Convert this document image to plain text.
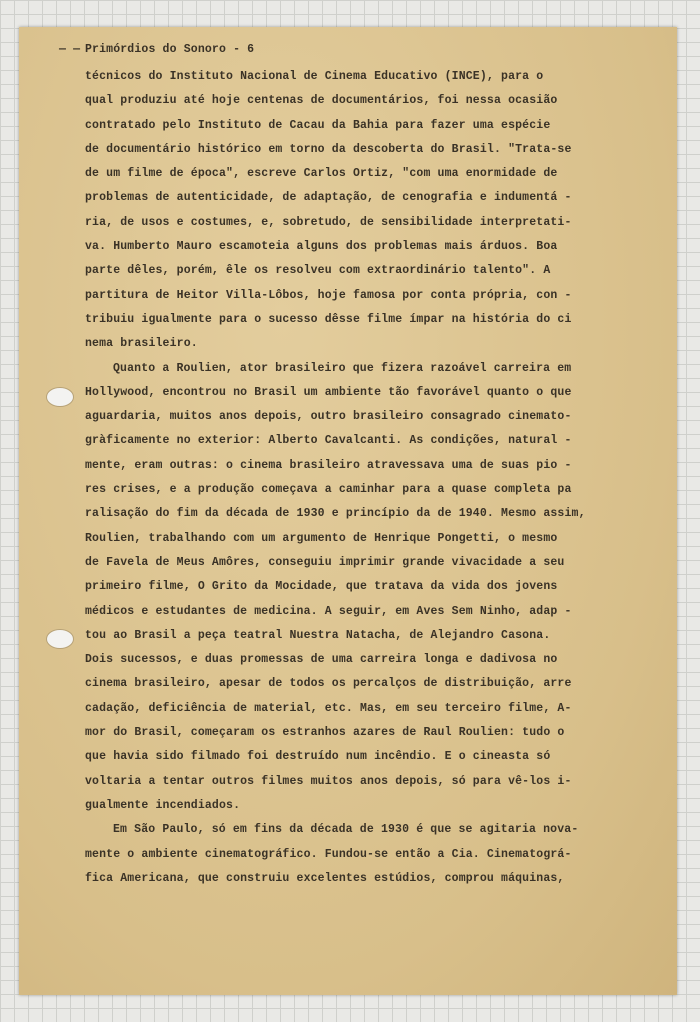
— — Primórdios do Sonoro - 6
técnicos do Instituto Nacional de Cinema Educativo (INCE), para o
qual produziu até hoje centenas de documentários, foi nessa ocasião
contratado pelo Instituto de Cacau da Bahia para fazer uma espécie
de documentário histórico em torno da descoberta do Brasil. "Trata-se
de um filme de época", escreve Carlos Ortiz, "com uma enormidade de
problemas de autenticidade, de adaptação, de cenografia e indumentá -
ria, de usos e costumes, e, sobretudo, de sensibilidade interpretati-
va. Humberto Mauro escamoteia alguns dos problemas mais árduos. Boa
parte dêles, porém, êle os resolveu com extraordinário talento". A
partitura de Heitor Villa-Lôbos, hoje famosa por conta própria, con -
tribuiu igualmente para o sucesso dêsse filme ímpar na história do ci
nema brasileiro.
Quanto a Roulien, ator brasileiro que fizera razoável carreira em
Hollywood, encontrou no Brasil um ambiente tão favorável quanto o que
aguardaria, muitos anos depois, outro brasileiro consagrado cinemato-
gràficamente no exterior: Alberto Cavalcanti. As condições, natural -
mente, eram outras: o cinema brasileiro atravessava uma de suas pio -
res crises, e a produção começava a caminhar para a quase completa pa
ralisação do fim da década de 1930 e princípio da de 1940. Mesmo assim,
Roulien, trabalhando com um argumento de Henrique Pongetti, o mesmo
de Favela de Meus Amôres, conseguiu imprimir grande vivacidade a seu
primeiro filme, O Grito da Mocidade, que tratava da vida dos jovens
médicos e estudantes de medicina. A seguir, em Aves Sem Ninho, adap -
tou ao Brasil a peça teatral Nuestra Natacha, de Alejandro Casona.
Dois sucessos, e duas promessas de uma carreira longa e dadivosa no
cinema brasileiro, apesar de todos os percalços de distribuição, arre
cadação, deficiência de material, etc. Mas, em seu terceiro filme, A-
mor do Brasil, começaram os estranhos azares de Raul Roulien: tudo o
que havia sido filmado foi destruído num incêndio. E o cineasta só
voltaria a tentar outros filmes muitos anos depois, só para vê-los i-
gualmente incendiados.
Em São Paulo, só em fins da década de 1930 é que se agitaria nova-
mente o ambiente cinematográfico. Fundou-se então a Cia. Cinematográ-
fica Americana, que construiu excelentes estúdios, comprou máquinas,
